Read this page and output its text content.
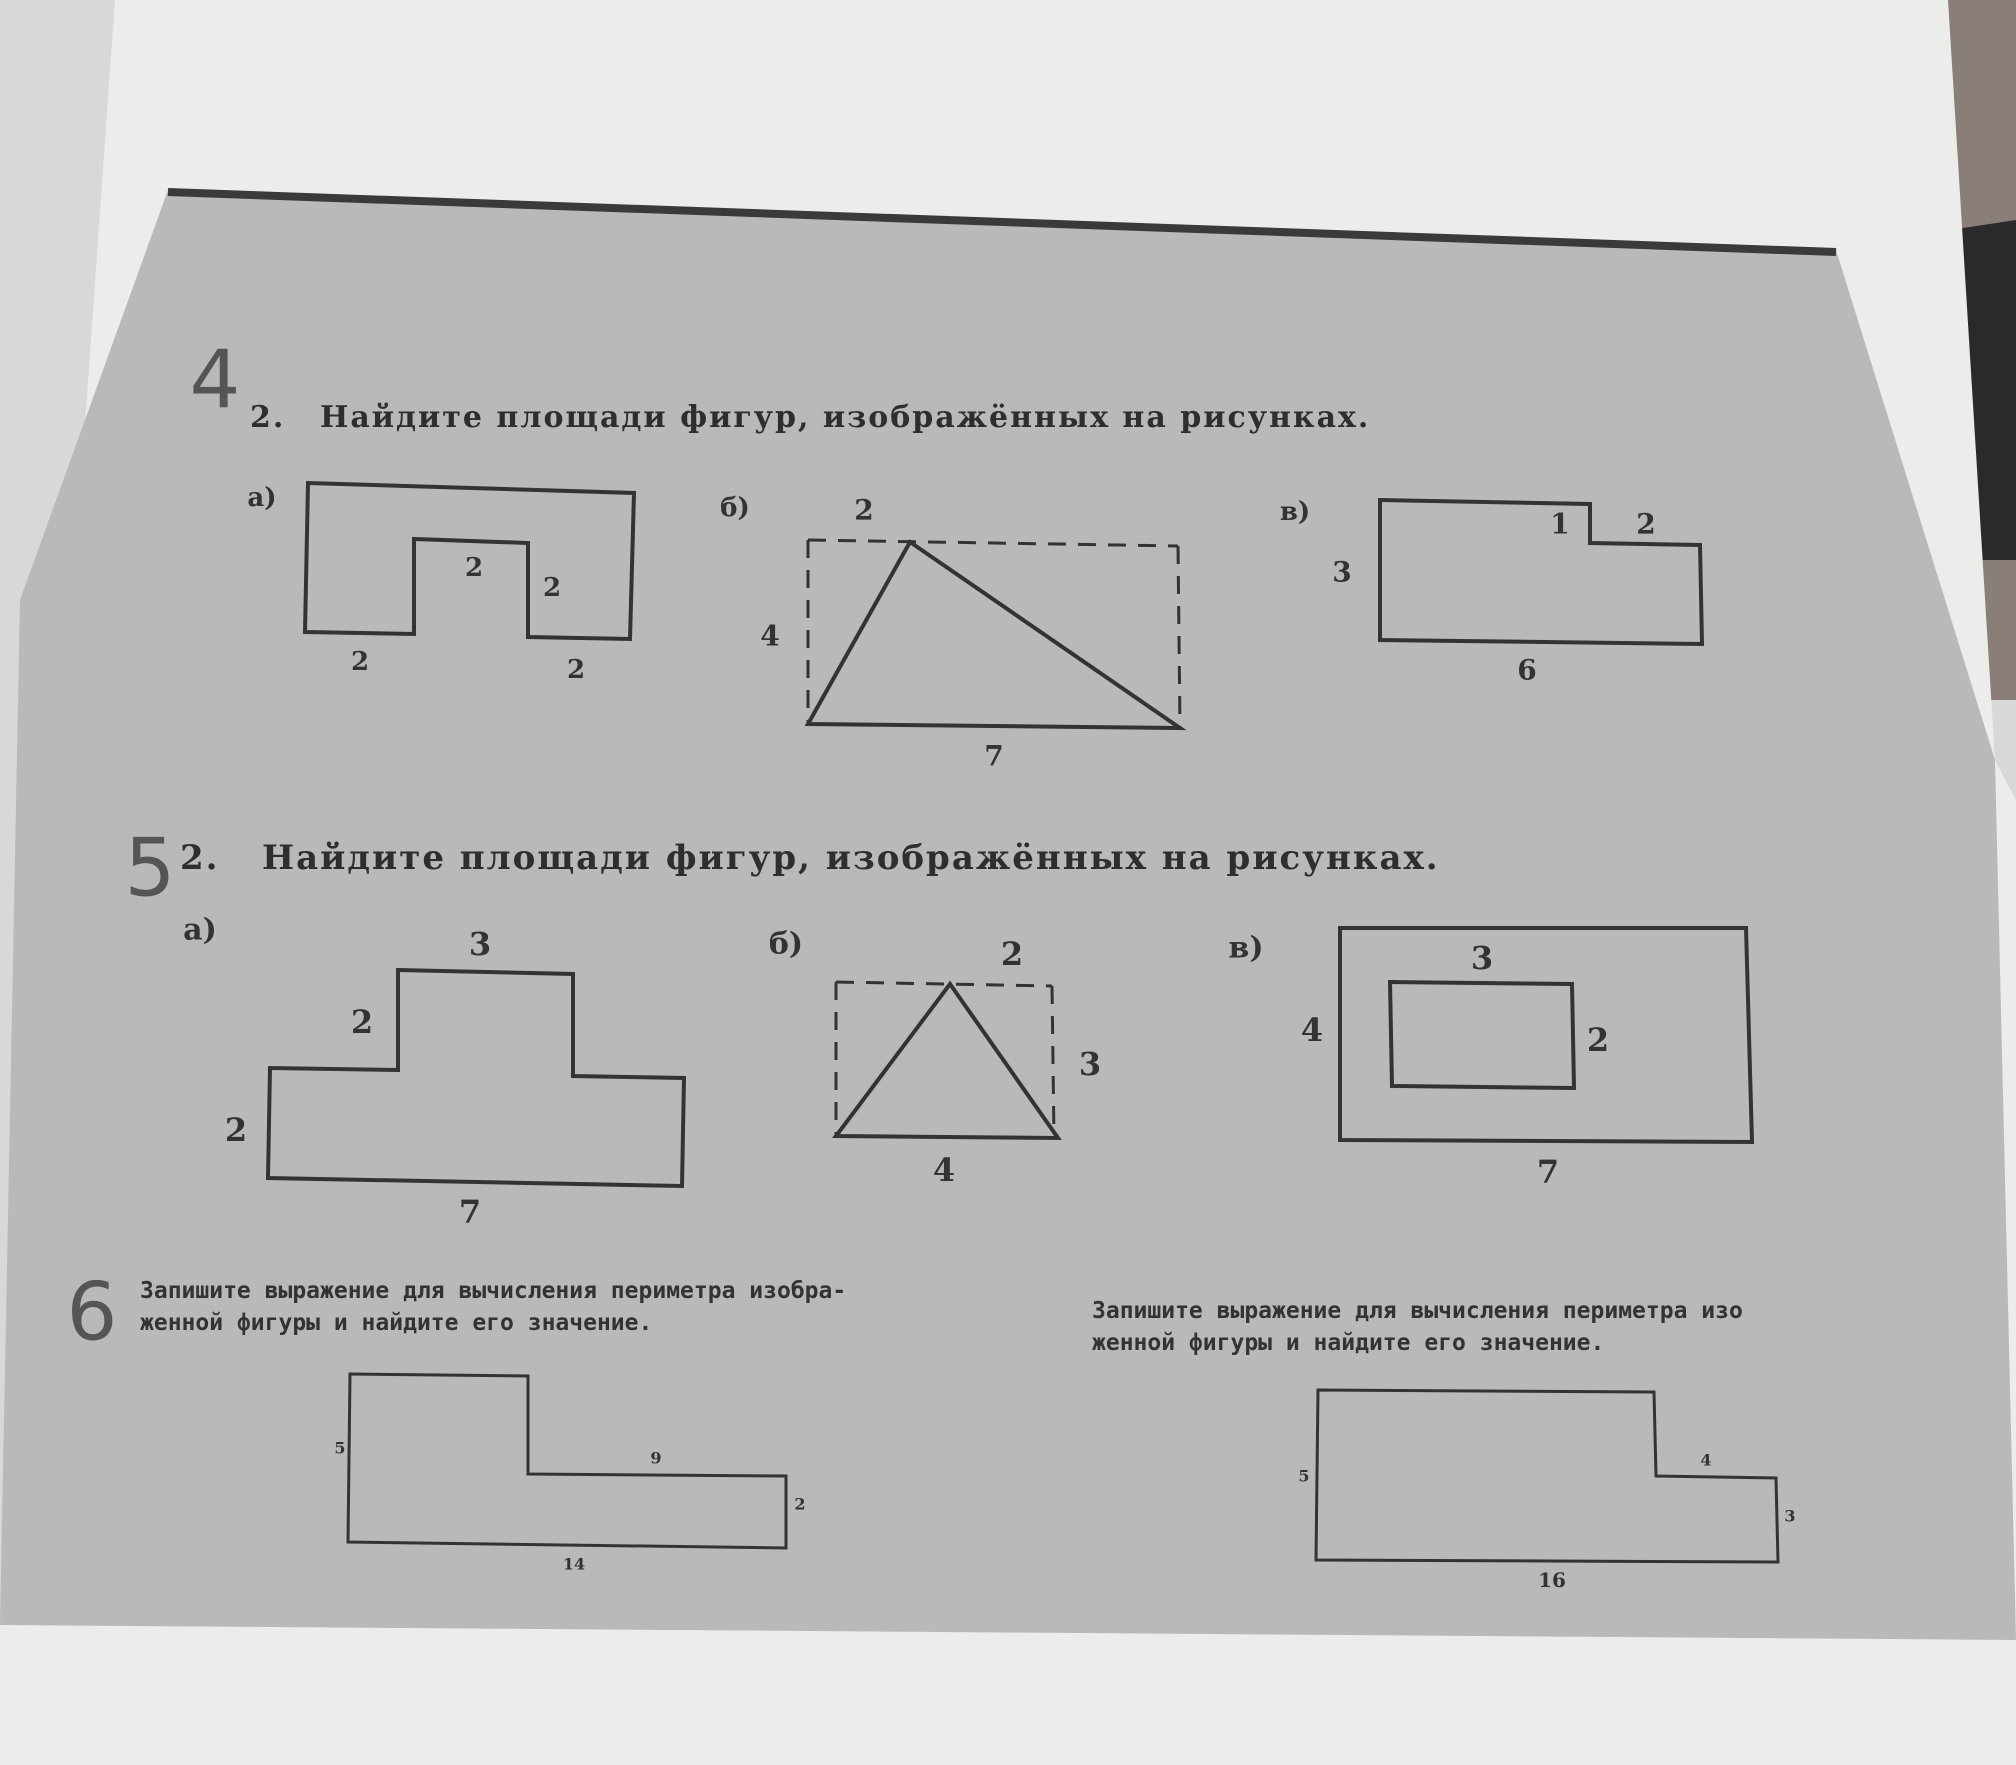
4 2. Найдите площади фигур, изображённых на рисунках.
а)
2
2
2	2
б)	2
4
7
в)
3
1 2
6
5 2. Найдите площади фигур, изображённых на рисунках.
а)	3
2
2
7
б)	2
3
4
в)	3
4	2
7
6 Запишите выражение для вычисления периметра изобра-
женной фигуры и найдите его значение.
5
9
2
14
Запишите выражение для вычисления периметра изо
женной фигуры и найдите его значение.
5
4
3
16
